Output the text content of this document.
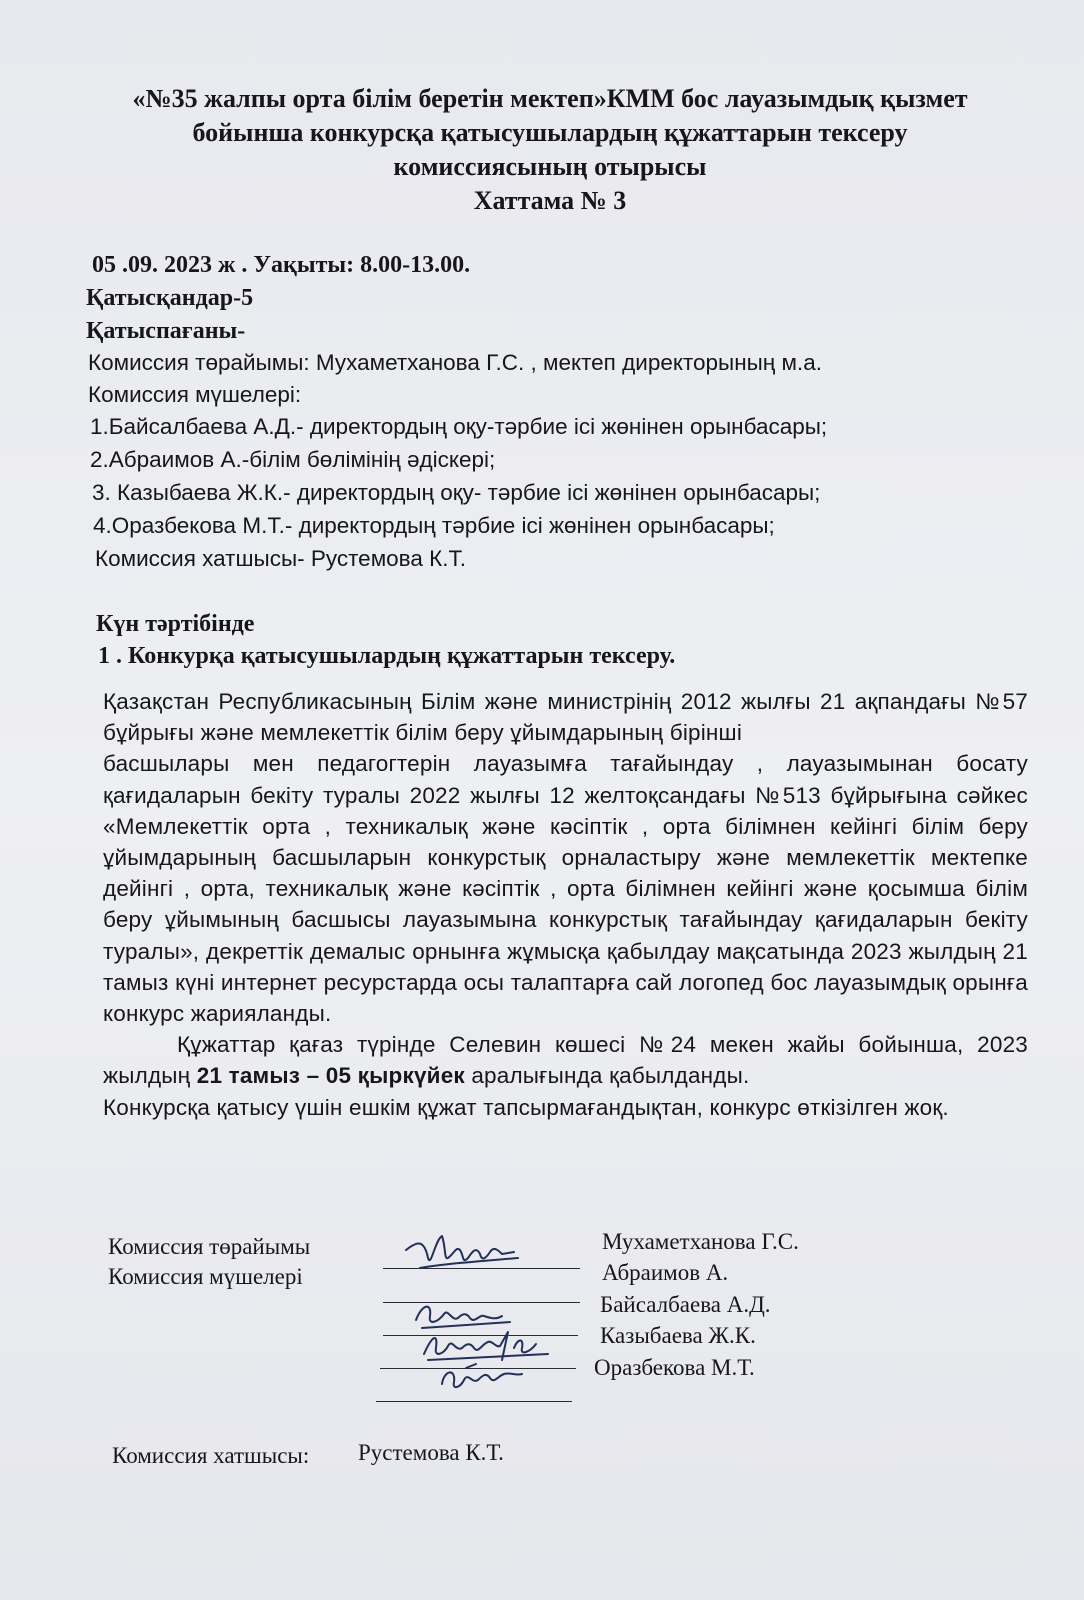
«№35 жалпы орта білім беретін мектеп»КММ бос лауазымдық қызмет
бойынша конкурсқа қатысушылардың құжаттарын тексеру
комиссиясының отырысы
Хаттама № 3
05 .09. 2023 ж . Уақыты: 8.00-13.00.
Қатысқандар-5
Қатыспағаны-
Комиссия төрайымы: Мухаметханова Г.С. , мектеп директорының м.а.
Комиссия мүшелері:
1.Байсалбаева А.Д.- директордың оқу-тәрбие ісі жөнінен орынбасары;
2.Абраимов А.-білім бөлімінің әдіскері;
3. Казыбаева Ж.К.- директордың оқу- тәрбие ісі жөнінен орынбасары;
4.Оразбекова М.Т.- директордың тәрбие ісі жөнінен орынбасары;
Комиссия хатшысы- Рустемова К.Т.
Күн тәртібінде
1 . Конкурқа қатысушылардың құжаттарын тексеру.

Қазақстан Республикасының Білім және министрінің 2012 жылғы 21 ақпандағы №57 бұйрығы және мемлекеттік білім беру ұйымдарының бірінші

басшылары мен педагогтерін лауазымға тағайындау , лауазымынан босату қағидаларын бекіту туралы 2022 жылғы 12 желтоқсандағы №513 бұйрығына сәйкес «Мемлекеттік орта , техникалық және кәсіптік , орта білімнен кейінгі білім беру ұйымдарының басшыларын конкурстық орналастыру және мемлекеттік мектепке дейінгі , орта, техникалық және кәсіптік , орта білімнен кейінгі және қосымша білім беру ұйымының басшысы лауазымына конкурстық тағайындау қағидаларын бекіту туралы», декреттік демалыс орнынға жұмысқа қабылдау мақсатында 2023 жылдың 21 тамыз күні интернет ресурстарда осы талаптарға сай логопед бос лауазымдық орынға конкурс жарияланды.

Құжаттар қағаз түрінде Селевин көшесі №24 мекен жайы бойынша, 2023 жылдың 21 тамыз – 05 қыркүйек аралығында қабылданды.

Конкурсқа қатысу үшін ешкім құжат тапсырмағандықтан, конкурс өткізілген жоқ.

Комиссия төрайымы
Комиссия мүшелері
Мухаметханова Г.С.
Абраимов А.
Байсалбаева А.Д.
Казыбаева Ж.К.
Оразбекова М.Т.
Комиссия хатшысы: Рустемова К.Т.
